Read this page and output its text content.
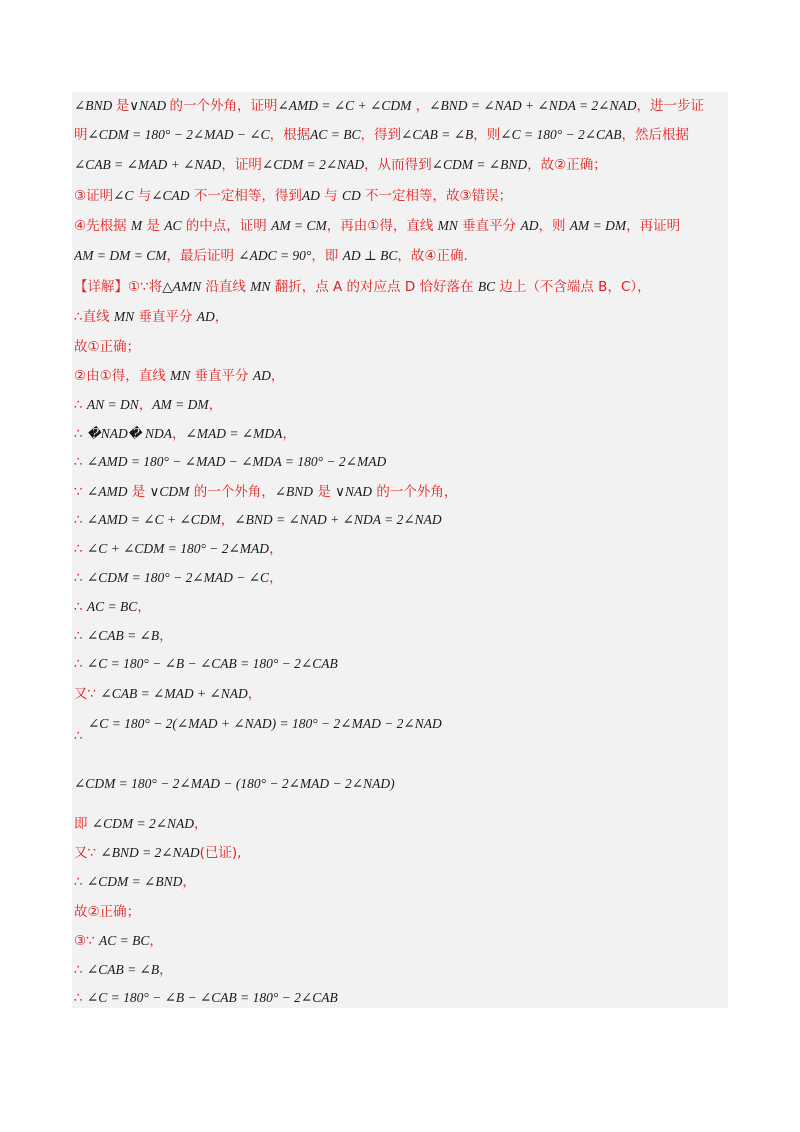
∠BND 是∨NAD 的一个外角，证明∠AMD = ∠C + ∠CDM ，∠BND = ∠NAD + ∠NDA = 2∠NAD，进一步证
明∠CDM = 180° − 2∠MAD − ∠C，根据AC = BC，得到∠CAB = ∠B，则∠C = 180° − 2∠CAB，然后根据
∠CAB = ∠MAD + ∠NAD，证明∠CDM = 2∠NAD，从而得到∠CDM = ∠BND，故②正确；
③证明∠C 与∠CAD 不一定相等，得到AD 与 CD 不一定相等，故③错误；
④先根据 M 是 AC 的中点，证明 AM = CM，再由①得，直线 MN 垂直平分 AD，则 AM = DM，再证明
AM = DM = CM，最后证明 ∠ADC = 90°，即 AD ⊥ BC，故④正确.
【详解】①∵将△AMN 沿直线 MN 翻折，点 A 的对应点 D 恰好落在 BC 边上（不含端点 B，C），
∴直线 MN 垂直平分 AD，
故①正确；
②由①得，直线 MN 垂直平分 AD，
∴ AN = DN，AM = DM，
∴ �NAD� NDA，∠MAD = ∠MDA，
∴ ∠AMD = 180° − ∠MAD − ∠MDA = 180° − 2∠MAD
∵ ∠AMD 是 ∨CDM 的一个外角，∠BND 是 ∨NAD 的一个外角，
∴ ∠AMD = ∠C + ∠CDM，∠BND = ∠NAD + ∠NDA = 2∠NAD
∴ ∠C + ∠CDM = 180° − 2∠MAD，
∴ ∠CDM = 180° − 2∠MAD − ∠C，
∴ AC = BC，
∴ ∠CAB = ∠B，
∴ ∠C = 180° − ∠B − ∠CAB = 180° − 2∠CAB
又∵ ∠CAB = ∠MAD + ∠NAD，
∠C = 180° − 2(∠MAD + ∠NAD) = 180° − 2∠MAD − 2∠NAD
∴
∠CDM = 180° − 2∠MAD − (180° − 2∠MAD − 2∠NAD)
即 ∠CDM = 2∠NAD，
又∵ ∠BND = 2∠NAD(已证),
∴ ∠CDM = ∠BND，
故②正确；
③∵ AC = BC，
∴ ∠CAB = ∠B，
∴ ∠C = 180° − ∠B − ∠CAB = 180° − 2∠CAB
